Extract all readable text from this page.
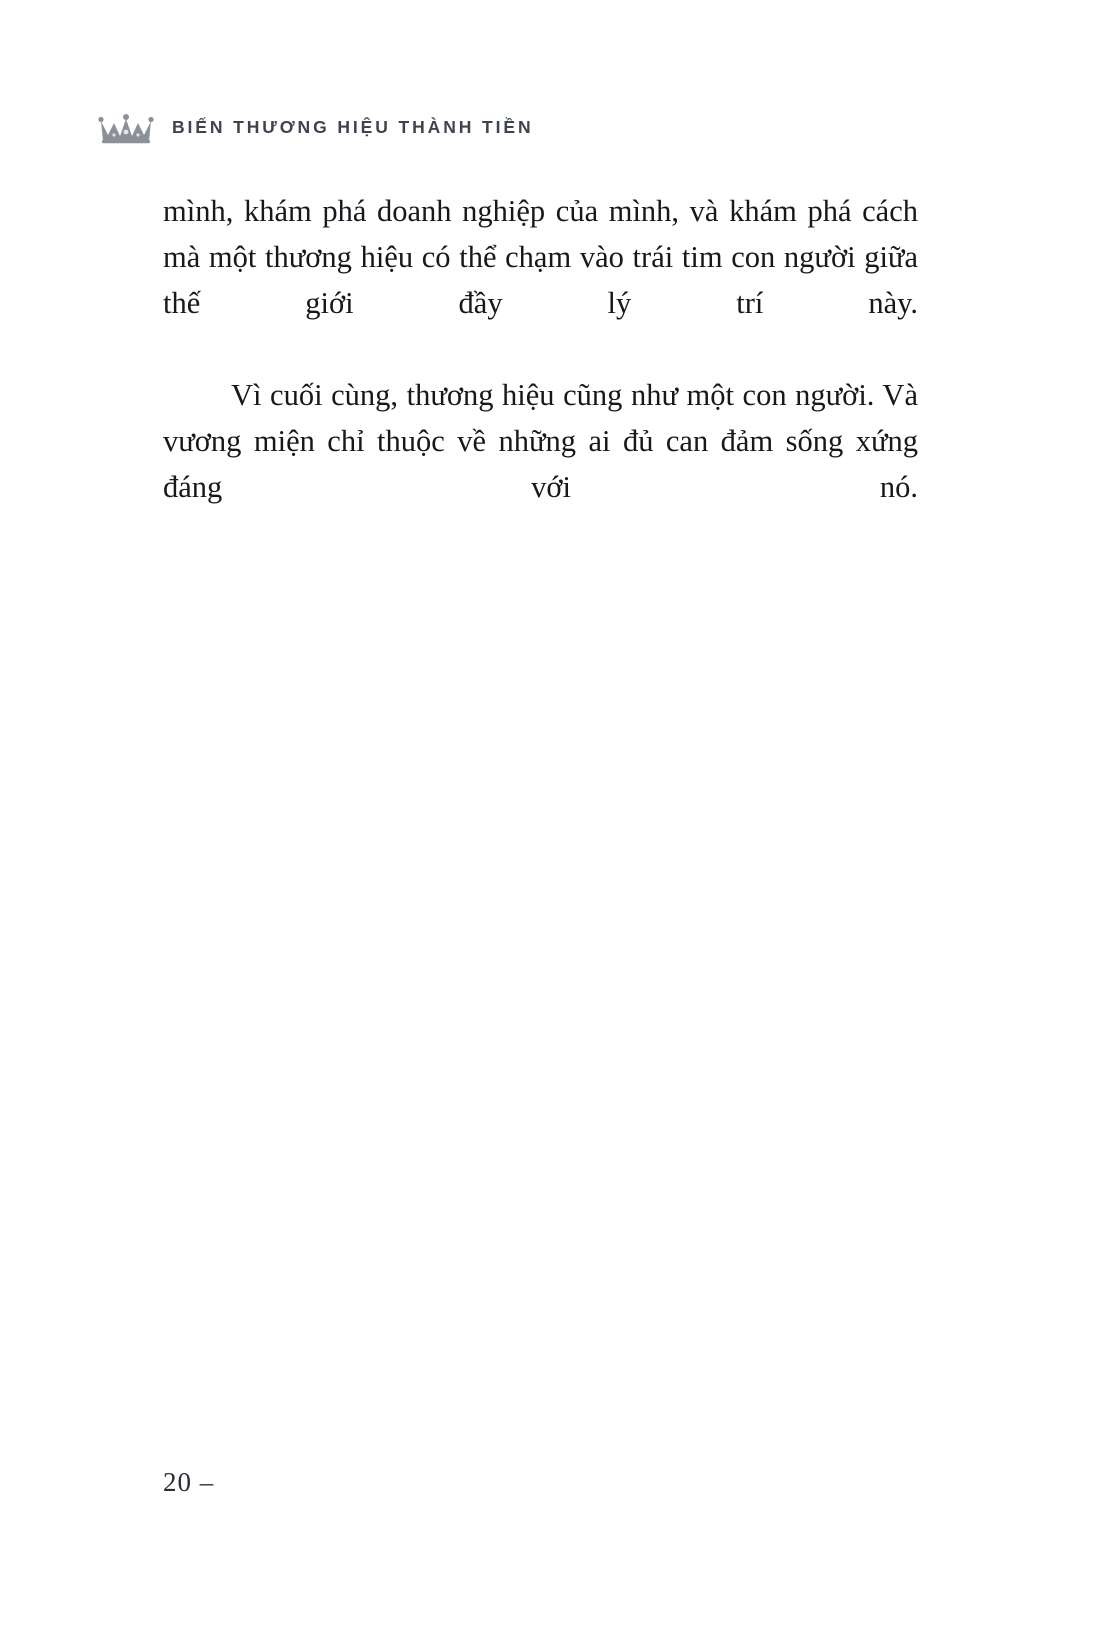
BIẾN THƯƠNG HIỆU THÀNH TIỀN

mình, khám phá doanh nghiệp của mình, và khám phá cách mà một thương hiệu có thể chạm vào trái tim con người giữa thế giới đầy lý trí này.

Vì cuối cùng, thương hiệu cũng như một con người. Và vương miện chỉ thuộc về những ai đủ can đảm sống xứng đáng với nó.

20 –
